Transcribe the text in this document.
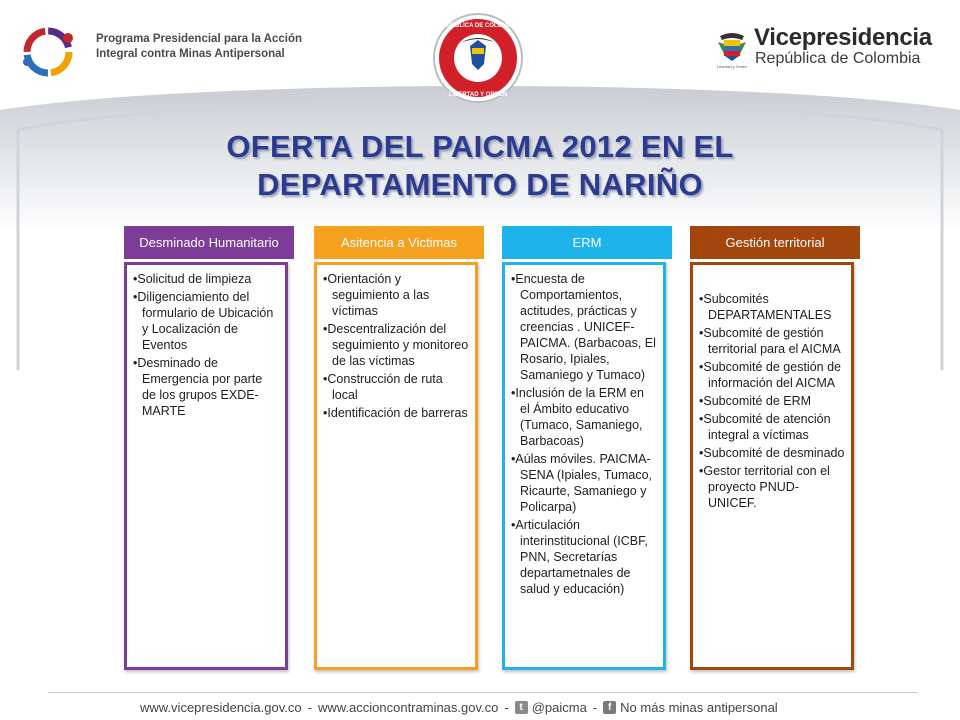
Programa Presidencial para la Acción
Integral contra Minas Antipersonal
REPÚBLICA DE COLOMBIA
LIBERTAD Y ORDEN
Libertad y Orden
Vicepresidencia
República de Colombia
OFERTA DEL PAICMA 2012 EN EL
DEPARTAMENTO DE NARIÑO
Desminado Humanitario
• Solicitud de limpieza
• Diligenciamiento del formulario de Ubicación y Localización de Eventos
• Desminado de Emergencia por parte de los grupos EXDE-MARTE
Asitencia a Victimas
• Orientación y seguimiento a las víctimas
• Descentralización del seguimiento y monitoreo de las víctimas
• Construcción de ruta local
• Identificación de barreras
ERM
• Encuesta de Comportamientos, actitudes, prácticas y creencias . UNICEF-PAICMA. (Barbacoas, El Rosario, Ipiales, Samaniego y Tumaco)
• Inclusión de la ERM en el Ámbito educativo (Tumaco, Samaniego, Barbacoas)
• Aúlas móviles. PAICMA-SENA (Ipiales, Tumaco, Ricaurte, Samaniego y Policarpa)
• Articulación interinstitucional (ICBF, PNN, Secretarías departametnales de salud y educación)
Gestión territorial
• Subcomités DEPARTAMENTALES
• Subcomité de gestión territorial para el AICMA
• Subcomité de gestión de información del AICMA
• Subcomité de ERM
• Subcomité de atención integral a víctimas
• Subcomité de desminado
• Gestor territorial con el proyecto PNUD-UNICEF.
www.vicepresidencia.gov.co - www.accioncontraminas.gov.co -	t @paicma -	f No más minas antipersonal
